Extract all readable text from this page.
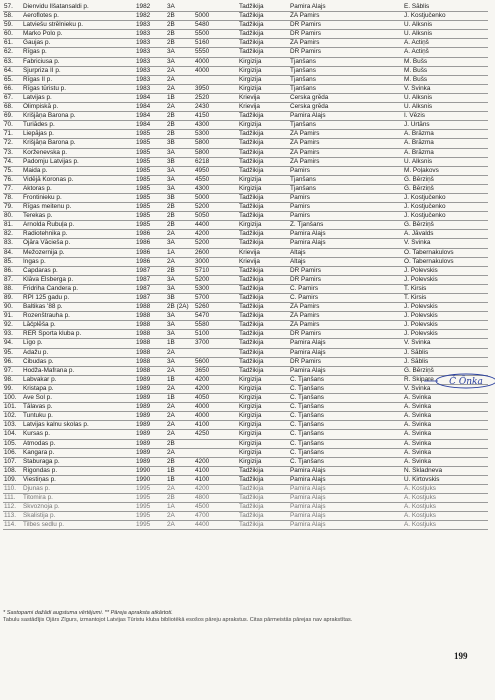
57.	Dienvidu Ilšatansaldi p.	1982	3A		Tadžikija	Pamira Alajs		E. Šāblis
58.	Aeroflotes p.	1982	2B	5000	Tadžikija	ZA Pamirs		J. Kostjučenko
59.	Latviešu strēlnieku p.	1983	2B	5480	Tadžikija	DR Pamirs		U. Alksnis
60.	Marko Polo p.	1983	2B	5500	Tadžikija	DR Pamirs		U. Alksnis
61.	Gaujas p.	1983	2B	5160	Tadžikija	ZA Pamirs		A. Actiņš
62.	Rīgas p.	1983	3A	5550	Tadžikija	DR Pamirs		A. Actiņš
63.	Fabriciusa p.	1983	3A	4000	Kirgizija	Tjanšans		M. Bušs
64.	Sjurpriza II p.	1983	2A	4000	Kirgizija	Tjanšans		M. Bušs
65.	Rīgas II p.	1983	2A		Kirgizija	Tjanšans		M. Bušs
66.	Rīgas tūristu p.	1983	2A	3950	Kirgizija	Tjanšans		V. Švinka
67.	Latvijas p.	1984	1B	2520	Krievija	Čerska grēda		U. Alksnis
68.	Olimpiskā p.	1984	2A	2430	Krievija	Čerska grēda		U. Alksnis
69.	Krišjāņa Barona p.	1984	2B	4150	Tadžikija	Pamira Alajs		I. Vēzis
70.	Turiādes p.	1984	2B	4300	Kirgizija	Tjanšans		J. Urtāns
71.	Liepājas p.	1985	2B	5300	Tadžikija	ZA Pamirs		A. Brāzma
72.	Krišjāņa Barona p.	1985	3B	5800	Tadžikija	ZA Pamirs		A. Brāzma
73.	Korženevska p.	1985	3A	5800	Tadžikija	ZA Pamirs		A. Brāzma
74.	Padomju Latvijas p.	1985	3B	6218	Tadžikija	ZA Pamirs		U. Alksnis
75.	Maida p.	1985	3A	4950	Tadžikija	Pamirs		M. Poļakovs
76.	Vidējā Koronas p.	1985	3A	4550	Kirgizija	Tjanšans		G. Bērziņš
77.	Aktoras p.	1985	3A	4300	Kirgizija	Tjanšans		G. Bērziņš
78.	Frontinieku p.	1985	3B	5000	Tadžikija	Pamirs		J. Kostjučenko
79.	Rīgas meitenu p.	1985	2B	5200	Tadžikija	Pamirs		J. Kostjučenko
80.	Terekas p.	1985	2B	5050	Tadžikija	Pamirs		J. Kostjučenko
81.	Arnolda Rubuļa p.	1985	2B	4400	Kirgizija	Z. Tjanšans		G. Bērziņš
82.	Radiotehnika p.	1986	2A	4200	Tadžikija	Pamira Alajs		A. Jāvalds
83.	Ojāra Vācieša p.	1986	3A	5200	Tadžikija	Pamira Alajs		V. Švinka
84.	Mežozernija p.	1986	1A	2600	Krievija	Altajs		O. Tabernakulovs
85.	Ingas p.	1986	2A	3000	Krievija	Altajs		O. Tabernakulovs
86.	Čapdaras p.	1987	2B	5710	Tadžikija	DR Pamirs		J. Polevskis
87.	Klāva Elsberga p.	1987	3A	5200	Tadžikija	DR Pamirs		J. Polevskis
88.	Fridriha Candera p.	1987	3A	5300	Tadžikija	C. Pamirs		T. Kirsis
89.	RPI 125 gadu p.	1987	3B	5700	Tadžikija	C. Pamirs		T. Kirsis
90.	Baltikas '88 p.	1988	2B (2A)	5260	Tadžikija	ZA Pamirs		J. Polevskis
91.	Rozenštrauha p.	1988	3A	5470	Tadžikija	ZA Pamirs		J. Polevskis
92.	Lāčplēša p.	1988	3A	5580	Tadžikija	ZA Pamirs		J. Polevskis
93.	RER Sporta kluba p.	1988	3A	5100	Tadžikija	DR Pamirs		J. Polevskis
94.	Līgo p.	1988	1B	3700	Tadžikija	Pamira Alajs		V. Švinka
95.	Ādažu p.	1988	2A		Tadžikija	Pamira Alajs		J. Šāblis
96.	Čibudas p.	1988	3A	5600	Tadžikija	DR Pamirs		J. Šāblis
97.	Hodža-Mafrana p.	1988	2A	3650	Tadžikija	Pamira Alajs		G. Bērziņš
98.	Labvakar p.	1989	1B	4200	Kirgizija	C. Tjanšans		R. Skipare
99.	Kristapa p.	1989	2A	4200	Kirgizija	C. Tjanšans		V. Švinka
100.	Ave Sol p.	1989	1B	4050	Kirgizija	C. Tjanšans		A. Švinka
101.	Tālavas p.	1989	2A	4000	Kirgizija	C. Tjanšans		A. Švinka
102.	Tuntuku p.	1989	2A	4000	Kirgizija	C. Tjanšans		A. Švinka
103.	Latvijas kalnu skolas p.	1989	2A	4100	Kirgizija	C. Tjanšans		A. Švinka
104.	Kursas p.	1989	2A	4250	Kirgizija	C. Tjanšans		A. Švinka
105.	Atmodas p.	1989	2B		Kirgizija	C. Tjanšans		A. Švinka
106.	Kangara p.	1989	2A		Kirgizija	C. Tjanšans		A. Švinka
107.	Staburaga p.	1989	2B	4200	Kirgizija	C. Tjanšans		A. Švinka
108.	Rigondas p.	1990	1B	4100	Tadžikija	Pamira Alajs		N. Skladneva
109.	Viestiņas p.	1990	1B	4100	Tadžikija	Pamira Alajs		U. Kirtovskis
110.	Djunas p.	1995	2A	4200	Tadžikija	Pamira Alajs		A. Kostjuks
111.	Titomira p.	1995	2B	4800	Tadžikija	Pamira Alajs		A. Kostjuks
112.	Skvoznoja p.	1995	1A	4500	Tadžikija	Pamira Alajs		A. Kostjuks
113.	Skalistija p.	1995	2A	4700	Tadžikija	Pamira Alajs		A. Kostjuks
114.	Tilbes sedlu p.	1995	2A	4400	Tadžikija	Pamira Alajs		A. Kostjuks
Č Ōnka
* Sastopami dažādi augstuma vērtējumi. ** Pāreja apraksta atkārtoti.
Tabulu sastādījis Ojārs Zīgurs, izmantojot Latvijas Tūristu kluba bibliotēkā esošos pāreju aprakstus. Citas pārmeistās pārejas nav aprakstītas.
199
